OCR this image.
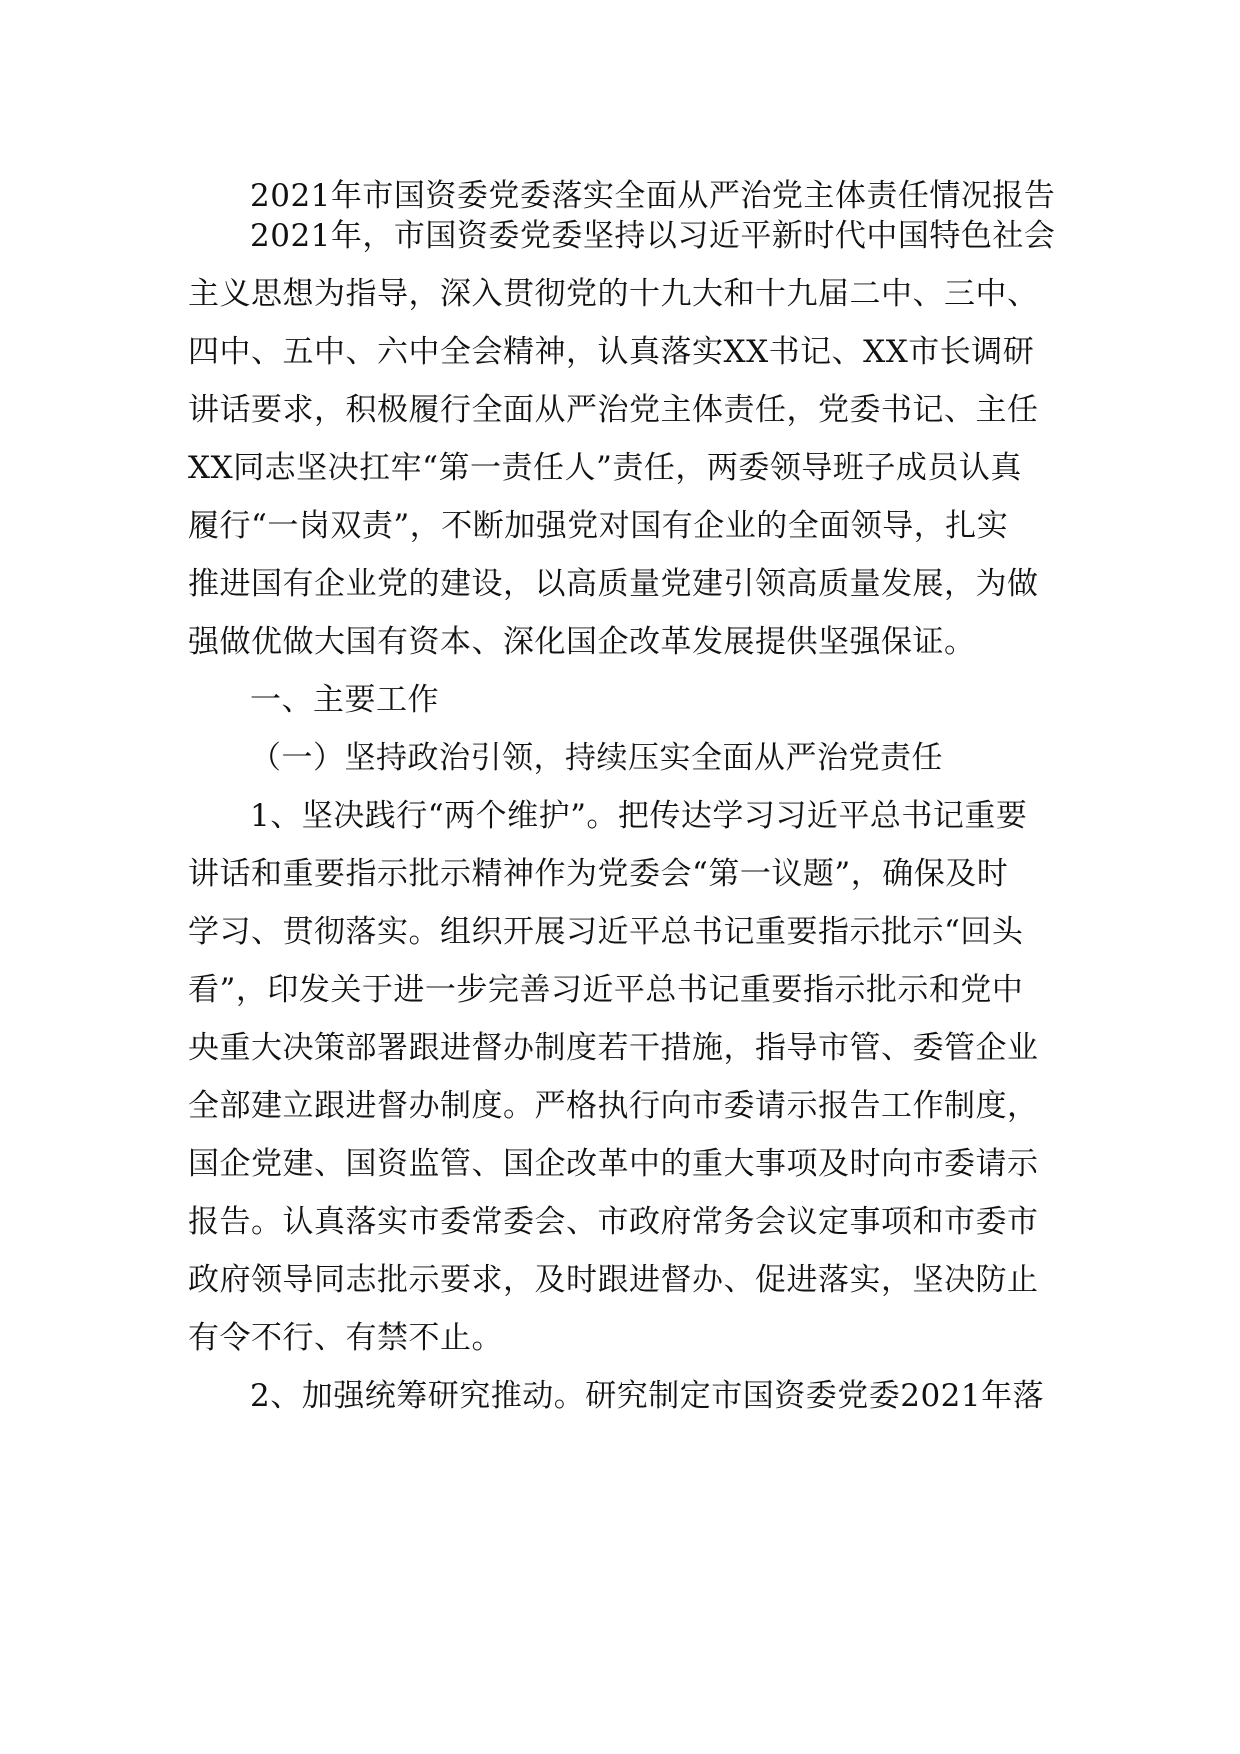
2021年市国资委党委落实全面从严治党主体责任情况报告
2021年，市国资委党委坚持以习近平新时代中国特色社会
主义思想为指导，深入贯彻党的十九大和十九届二中、三中、
四中、五中、六中全会精神，认真落实XX书记、XX市长调研
讲话要求，积极履行全面从严治党主体责任，党委书记、主任
XX同志坚决扛牢“第一责任人”责任，两委领导班子成员认真
履行“一岗双责”，不断加强党对国有企业的全面领导，扎实
推进国有企业党的建设，以高质量党建引领高质量发展，为做
强做优做大国有资本、深化国企改革发展提供坚强保证。
一、主要工作
（一）坚持政治引领，持续压实全面从严治党责任
1、坚决践行“两个维护”。把传达学习习近平总书记重要
讲话和重要指示批示精神作为党委会“第一议题”，确保及时
学习、贯彻落实。组织开展习近平总书记重要指示批示“回头
看”，印发关于进一步完善习近平总书记重要指示批示和党中
央重大决策部署跟进督办制度若干措施，指导市管、委管企业
全部建立跟进督办制度。严格执行向市委请示报告工作制度，
国企党建、国资监管、国企改革中的重大事项及时向市委请示
报告。认真落实市委常委会、市政府常务会议定事项和市委市
政府领导同志批示要求，及时跟进督办、促进落实，坚决防止
有令不行、有禁不止。
2、加强统筹研究推动。研究制定市国资委党委2021年落
